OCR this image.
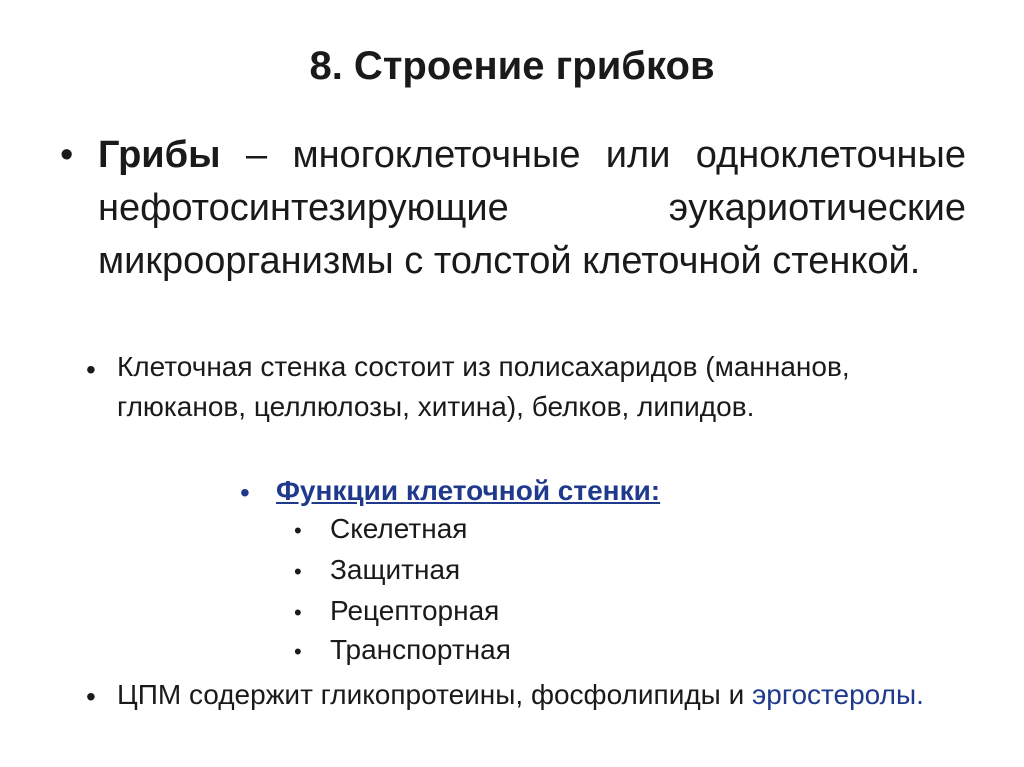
8. Строение грибков
• Грибы – многоклеточные или одноклеточные нефотосинтезирующие эукариотические микроорганизмы с толстой клеточной стенкой.
• Клеточная стенка состоит из полисахаридов (маннанов, глюканов, целлюлозы, хитина), белков, липидов.
• Функции клеточной стенки:
• Скелетная
• Защитная
• Рецепторная
• Транспортная
• ЦПМ содержит гликопротеины, фосфолипиды и эргостеролы.
